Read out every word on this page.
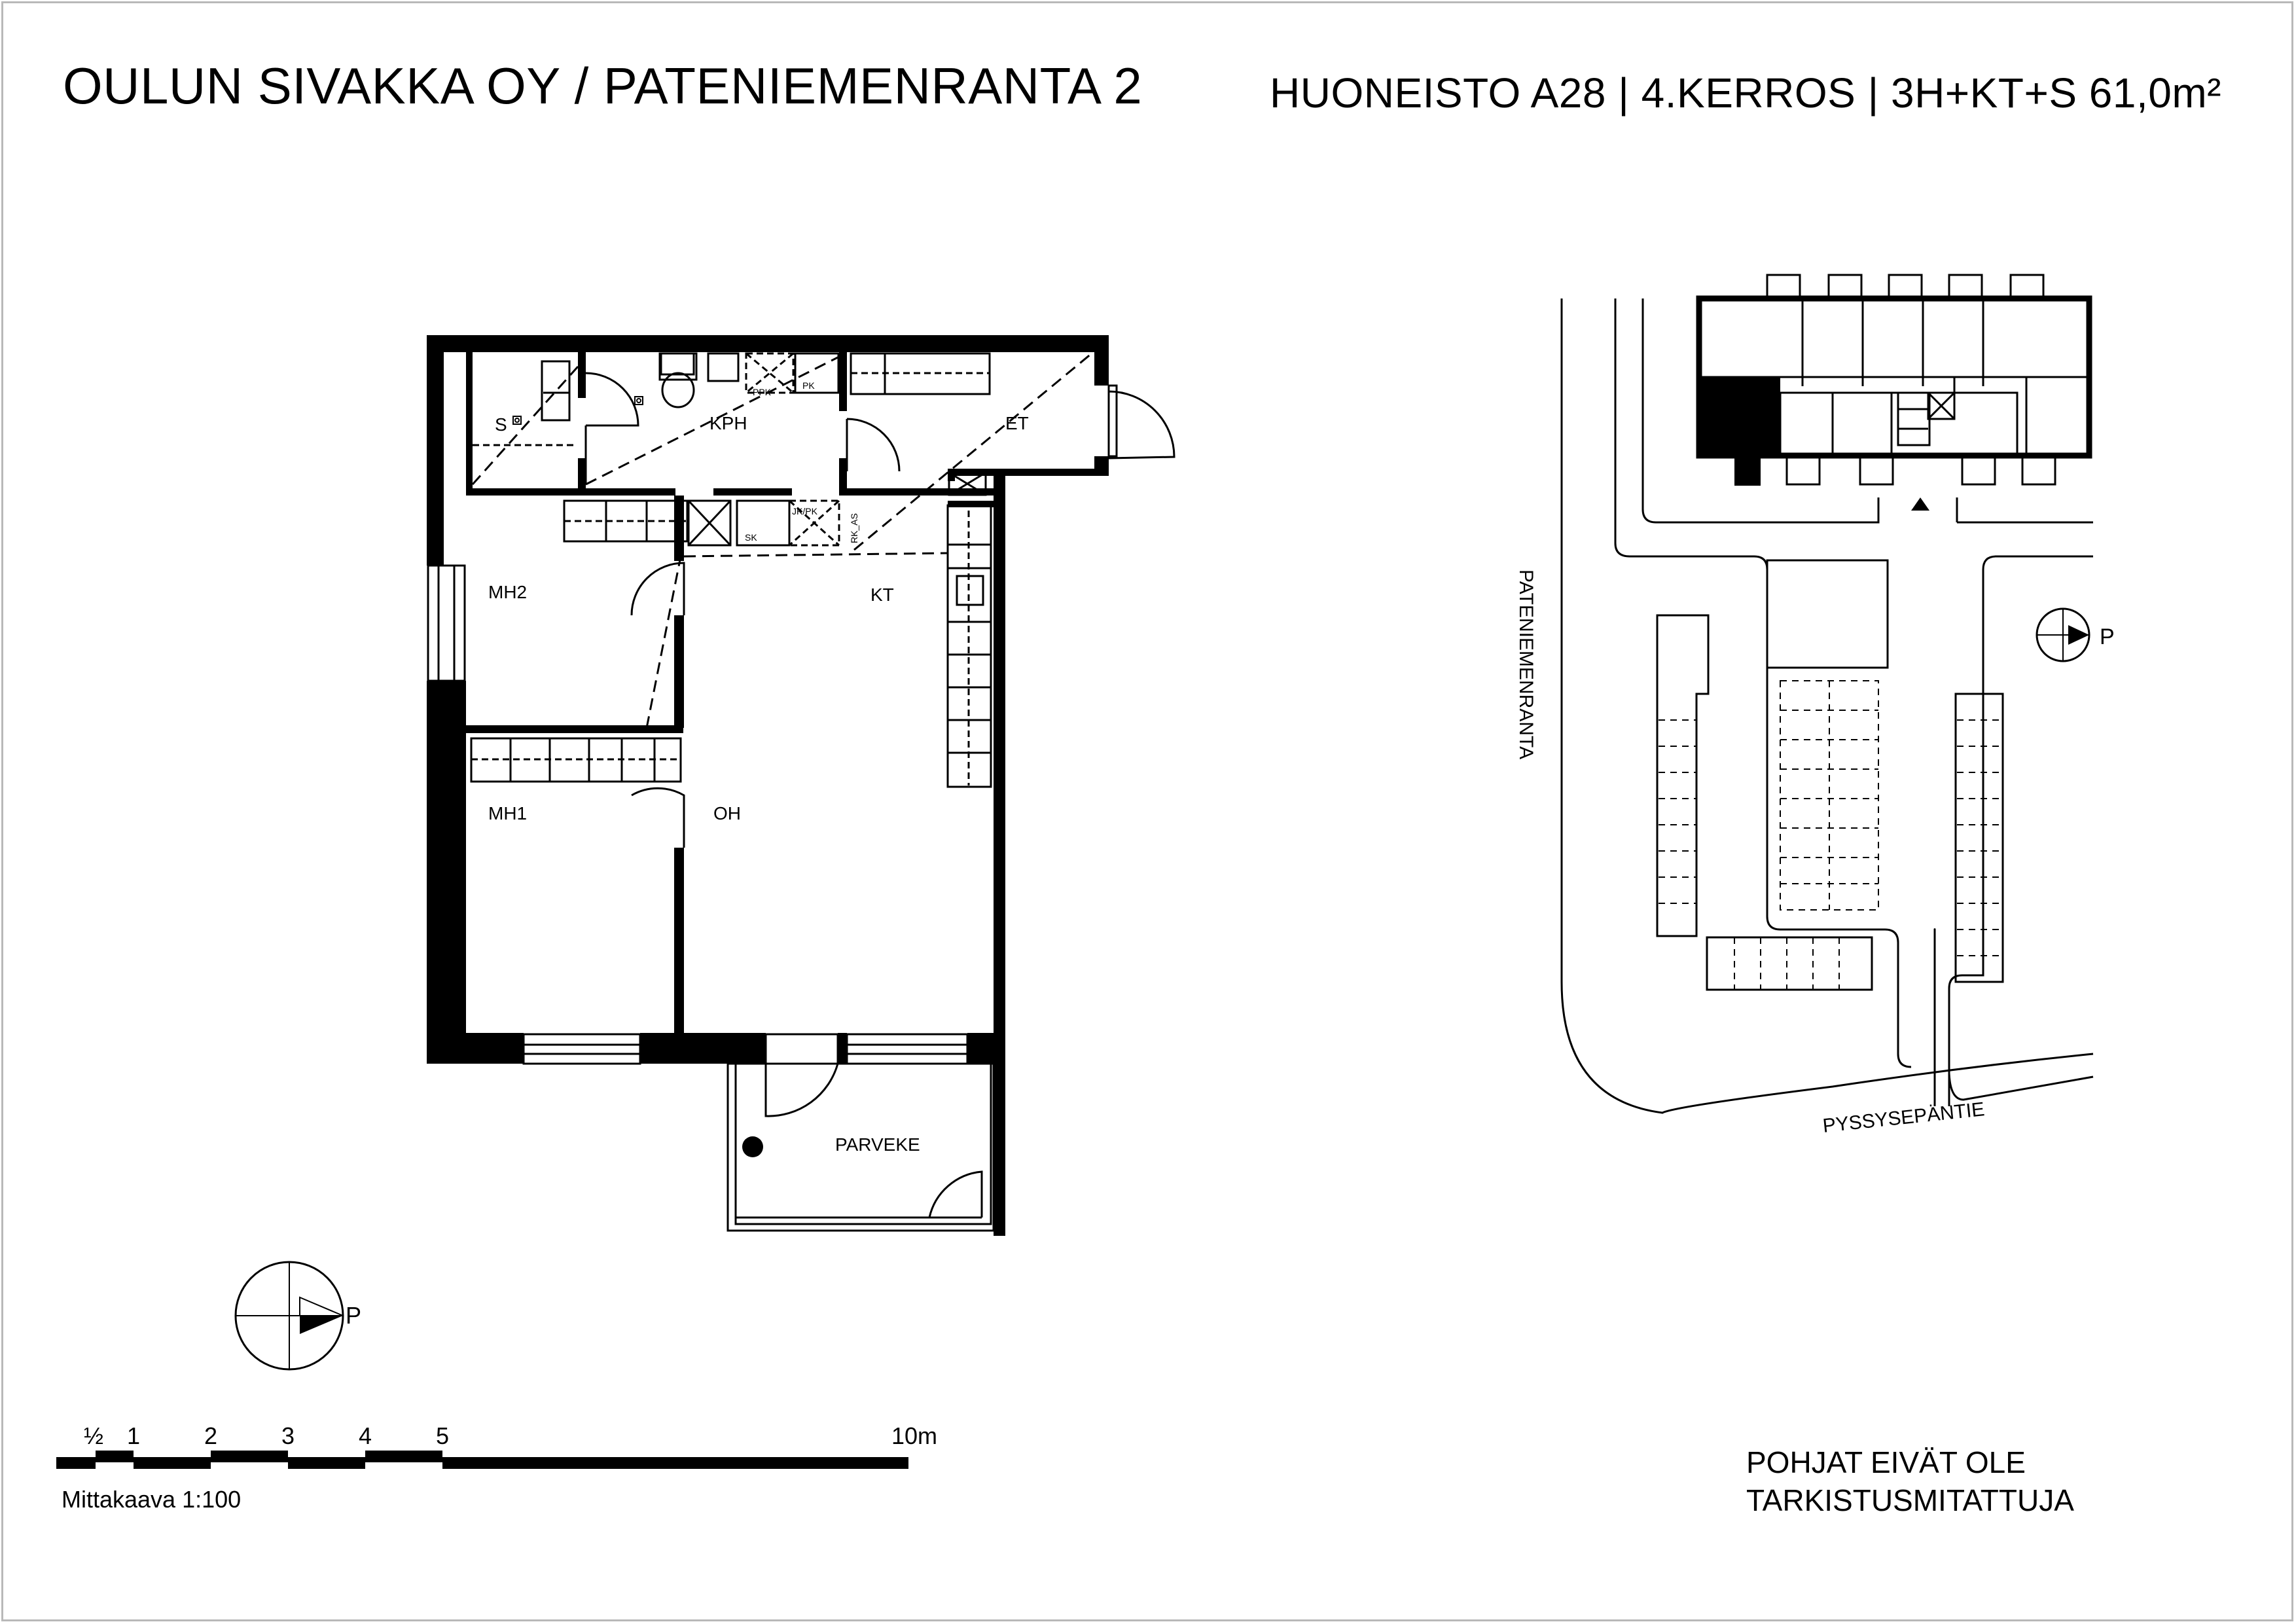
OULUN SIVAKKA OY / PATENIEMENRANTA 2	HUONEISTO A28 | 4.KERROS | 3H+KT+S 61,0m²
S	KPH	ET
MH2	KT
MH1	OH
PARVEKE
PPK
PK
JK/PK
SK	RK_AS
P
½ 1	2	3	4	5	10m
P
PATENIEMENRANTA
PYSSYSEPÄNTIE
POHJAT EIVÄT OLE
TARKISTUSMITATTUJA
Mittakaava 1:100
